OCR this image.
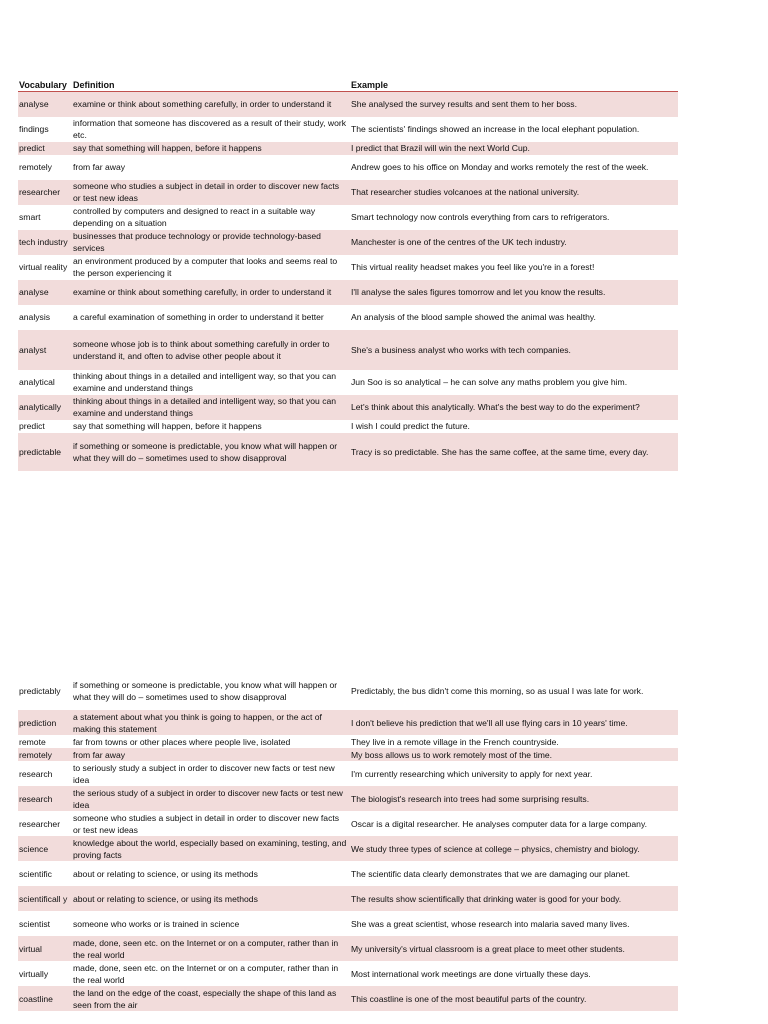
Vocabulary	Definition	Example
analyse	examine or think about something carefully, in order to understand it	She analysed the survey results and sent them to her boss.
findings	information that someone has discovered as a result of their study, work etc.	The scientists' findings showed an increase in the local elephant population.
predict	say that something will happen, before it happens	I predict that Brazil will win the next World Cup.
remotely	from far away	Andrew goes to his office on Monday and works remotely the rest of the week.
researcher	someone who studies a subject in detail in order to discover new facts or test new ideas	That researcher studies volcanoes at the national university.
smart	controlled by computers and designed to react in a suitable way depending on a situation	Smart technology now controls everything from cars to refrigerators.
tech industry	businesses that produce technology or provide technology-based services	Manchester is one of the centres of the UK tech industry.
virtual reality	an environment produced by a computer that looks and seems real to the person experiencing it	This virtual reality headset makes you feel like you're in a forest!
analyse	examine or think about something carefully, in order to understand it	I'll analyse the sales figures tomorrow and let you know the results.
analysis	a careful examination of something in order to understand it better	An analysis of the blood sample showed the animal was healthy.
analyst	someone whose job is to think about something carefully in order to understand it, and often to advise other people about it	She's a business analyst who works with tech companies.
analytical	thinking about things in a detailed and intelligent way, so that you can examine and understand things	Jun Soo is so analytical – he can solve any maths problem you give him.
analytically	thinking about things in a detailed and intelligent way, so that you can examine and understand things	Let's think about this analytically. What's the best way to do the experiment?
predict	say that something will happen, before it happens	I wish I could predict the future.
predictable	if something or someone is predictable, you know what will happen or what they will do – sometimes used to show disapproval	Tracy is so predictable. She has the same coffee, at the same time, every day.
predictably	if something or someone is predictable, you know what will happen or what they will do – sometimes used to show disapproval	Predictably, the bus didn't come this morning, so as usual I was late for work.
prediction	a statement about what you think is going to happen, or the act of making this statement	I don't believe his prediction that we'll all use flying cars in 10 years' time.
remote	far from towns or other places where people live, isolated	They live in a remote village in the French countryside.
remotely	from far away	My boss allows us to work remotely most of the time.
research	to seriously study a subject in order to discover new facts or test new idea	I'm currently researching which university to apply for next year.
research	the serious study of a subject in order to discover new facts or test new idea	The biologist's research into trees had some surprising results.
researcher	someone who studies a subject in detail in order to discover new facts or test new ideas	Oscar is a digital researcher. He analyses computer data for a large company.
science	knowledge about the world, especially based on examining, testing, and proving facts	We study three types of science at college – physics, chemistry and biology.
scientific	about or relating to science, or using its methods	The scientific data clearly demonstrates that we are damaging our planet.
scientificall y	about or relating to science, or using its methods	The results show scientifically that drinking water is good for your body.
scientist	someone who works or is trained in science	She was a great scientist, whose research into malaria saved many lives.
virtual	made, done, seen etc. on the Internet or on a computer, rather than in the real world	My university's virtual classroom is a great place to meet other students.
virtually	made, done, seen etc. on the Internet or on a computer, rather than in the real world	Most international work meetings are done virtually these days.
coastline	the land on the edge of the coast, especially the shape of this land as seen from the air	This coastline is one of the most beautiful parts of the country.
